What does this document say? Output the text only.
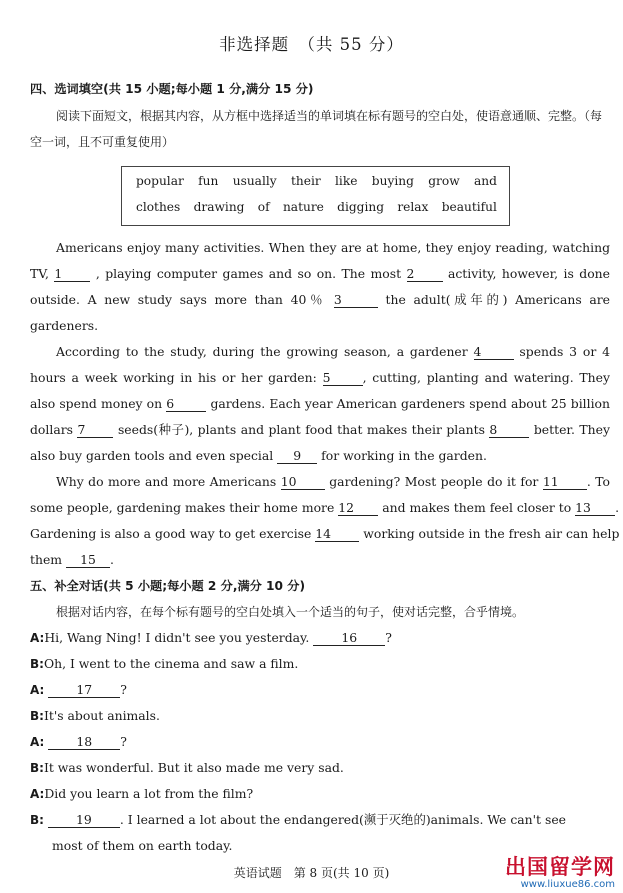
非选择题　（共 55 分）
四、选词填空(共 15 小题;每小题 1 分,满分 15 分)
阅读下面短文，根据其内容，从方框中选择适当的单词填在标有题号的空白处，使语意通顺、完整。（每空一词，且不可重复使用）
popular fun usually their like buying grow and
clothes drawing of nature digging relax beautiful
Americans enjoy many activities. When they are at home, they enjoy reading, watching
TV, 1	, playing computer games and so on. The most 2	activity, however, is done
outside. A new study says more than 40％ 3	the adult(成年的) Americans are
gardeners.
According to the study, during the growing season, a gardener 4	spends 3 or 4
hours a week working in his or her garden: 5	, cutting, planting and watering. They
also spend money on 6	gardens. Each year American gardeners spend about 25 billion
dollars 7	seeds(种子), plants and plant food that makes their plants 8	better. They
also buy garden tools and even special 9 for working in the garden.
Why do more and more Americans 10	gardening? Most people do it for 11 . To
some people, gardening makes their home more 12 and makes them feel closer to 13 .
Gardening is also a good way to get exercise 14	working outside in the fresh air can help
them 15 .
五、补全对话(共 5 小题;每小题 2 分,满分 10 分)
根据对话内容，在每个标有题号的空白处填入一个适当的句子，使对话完整，合乎情境。
A:Hi, Wang Ning! I didn't see you yesterday.	16 ?
B:Oh, I went to the cinema and saw a film.
A:	17 ?
B:It's about animals.
A:	18 ?
B:It was wonderful. But it also made me very sad.
A:Did you learn a lot from the film?
B:	19 . I learned a lot about the endangered(濒于灭绝的)animals. We can't see
most of them on earth today.
英语试题　第 8 页(共 10 页)	出国留学网
www.liuxue86.com
